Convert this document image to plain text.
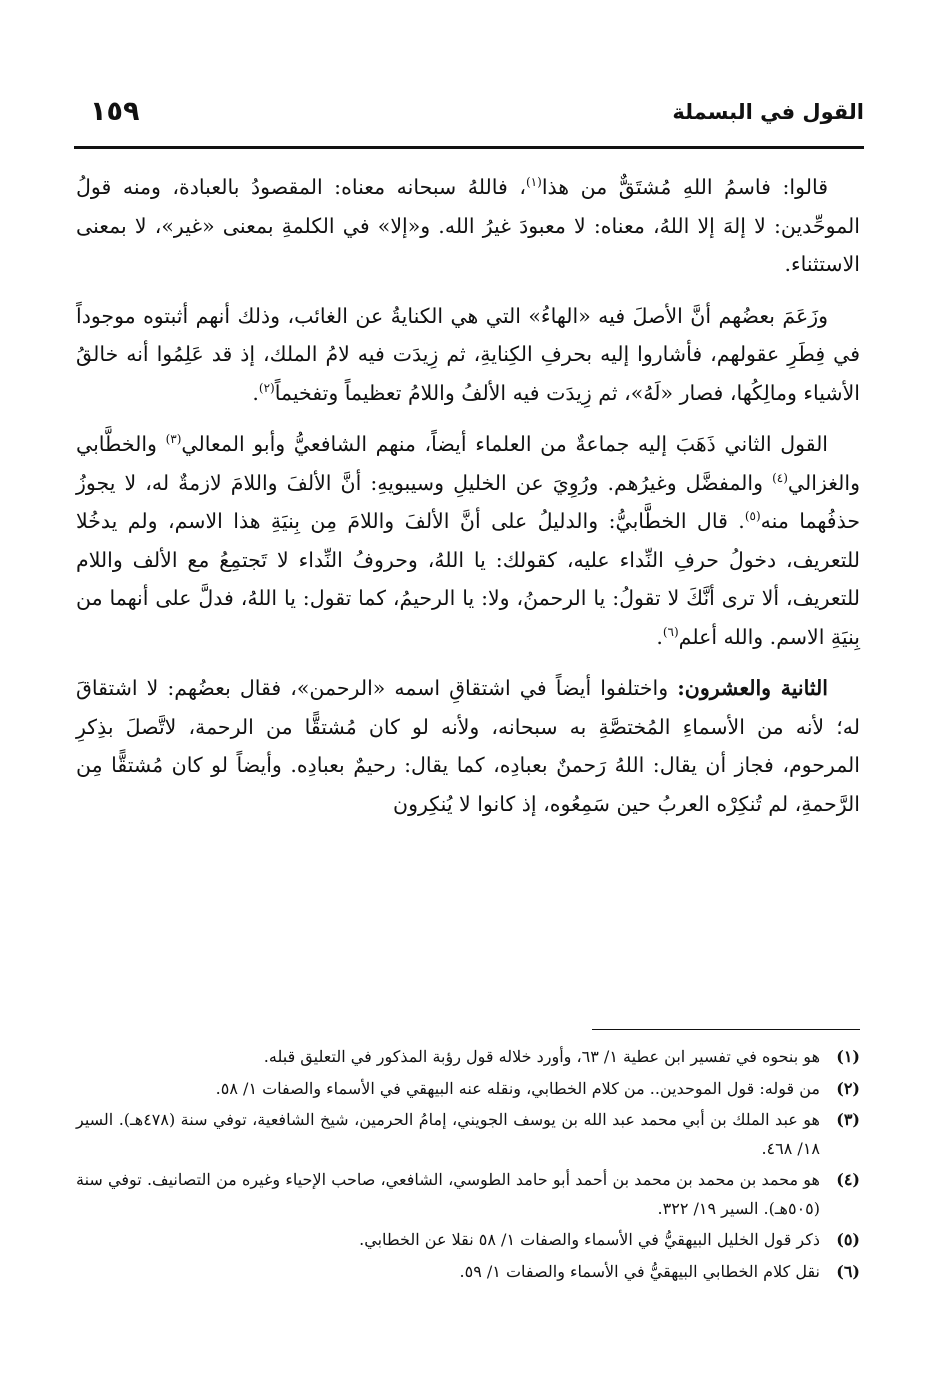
القول في البسملة
١٥٩

قالوا: فاسمُ اللهِ مُشتَقٌّ من هذا$^{(١)}$، فاللهُ سبحانه معناه: المقصودُ بالعبادة، ومنه قولُ الموحِّدين: لا إلهَ إلا اللهُ، معناه: لا معبودَ غيرُ الله. و«إلا» في الكلمةِ بمعنى «غير»، لا بمعنى الاستثناء.

وزَعَمَ بعضُهم أنَّ الأصلَ فيه «الهاءُ» التي هي الكنايةُ عن الغائب، وذلك أنهم أثبتوه موجوداً في فِطَرِ عقولهم، فأشاروا إليه بحرفِ الكِنايةِ، ثم زِيدَت فيه لامُ الملك، إذ قد عَلِمُوا أنه خالقُ الأشياء ومالِكُها، فصار «لَهُ»، ثم زِيدَت فيه الألفُ واللامُ تعظيماً وتفخيماً$^{(٢)}$.

القول الثاني ذَهَبَ إليه جماعةٌ من العلماء أيضاً، منهم الشافعيُّ وأبو المعالي$^{(٣)}$ والخطَّابي والغزالي$^{(٤)}$ والمفضَّل وغيرُهم. ورُوِيَ عن الخليلِ وسيبويهِ: أنَّ الألفَ واللامَ لازمةٌ له، لا يجوزُ حذفُهما منه$^{(٥)}$. قال الخطَّابيُّ: والدليلُ على أنَّ الألفَ واللامَ مِن بِنيَةِ هذا الاسم، ولم يدخُلا للتعريف، دخولُ حرفِ النِّداء عليه، كقولك: يا اللهُ، وحروفُ النِّداء لا تَجتمِعُ مع الألف واللام للتعريف، ألا ترى أنَّكَ لا تقولُ: يا الرحمنُ، ولا: يا الرحيمُ، كما تقول: يا اللهُ، فدلَّ على أنهما من بِنيَةِ الاسم. والله أعلم$^{(٦)}$.

الثانية والعشرون: واختلفوا أيضاً في اشتقاقِ اسمه «الرحمن»، فقال بعضُهم: لا اشتقاقَ له؛ لأنه من الأسماءِ المُختصَّةِ به سبحانه، ولأنه لو كان مُشتقًّا من الرحمة، لاتَّصلَ بذِكرِ المرحوم، فجاز أن يقال: اللهُ رَحمنٌ بعبادِه، كما يقال: رحيمٌ بعبادِه. وأيضاً لو كان مُشتقًّا مِن الرَّحمةِ، لم تُنكِرْه العربُ حين سَمِعُوه، إذ كانوا لا يُنكِرون

(١)
هو بنحوه في تفسير ابن عطية ١/ ٦٣، وأورد خلاله قول رؤبة المذكور في التعليق قبله.
(٢)
من قوله: قول الموحدين.. من كلام الخطابي، ونقله عنه البيهقي في الأسماء والصفات ١/ ٥٨.
(٣)
هو عبد الملك بن أبي محمد عبد الله بن يوسف الجويني، إمامُ الحرمين، شيخ الشافعية، توفي سنة (٤٧٨هـ). السير ١٨/ ٤٦٨.
(٤)
هو محمد بن محمد بن محمد بن أحمد أبو حامد الطوسي، الشافعي، صاحب الإحياء وغيره من التصانيف. توفي سنة (٥٠٥هـ). السير ١٩/ ٣٢٢.
(٥)
ذكر قول الخليل البيهقيُّ في الأسماء والصفات ١/ ٥٨ نقلا عن الخطابي.
(٦)
نقل كلام الخطابي البيهقيُّ في الأسماء والصفات ١/ ٥٩.
